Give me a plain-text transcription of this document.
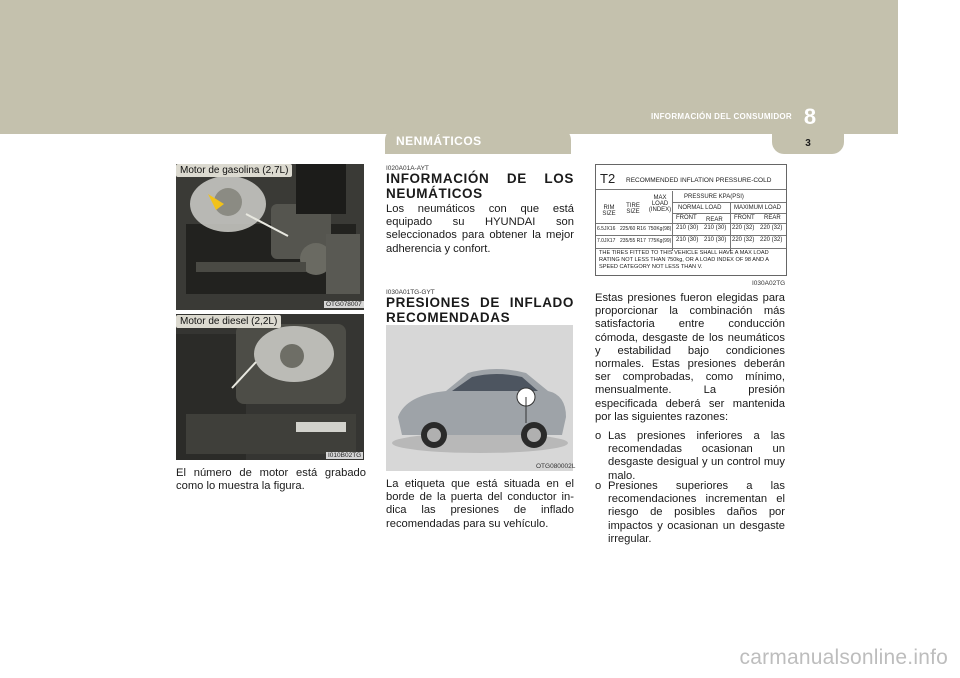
INFORMACIÓN DEL CONSUMIDOR 8
3
NENMÁTICOS
Motor de gasolina (2,7L)
OTG078007
Motor de diesel (2,2L)
I010B02TG
El número de motor está grabado como lo muestra la figura.
I020A01A-AYT
INFORMACIÓN DE LOS NEUMÁTICOS
Los neumáticos con que está equipado su HYUNDAI son seleccionados para obtener la mejor adherencia y confort.
I030A01TG-GYT
PRESIONES DE INFLADO RECOMENDADAS
OTG080002L
La etiqueta que está situada en el borde de la puerta del conductor in-dica las presiones de inflado recomendadas para su vehículo.
T2 RECOMMENDED INFLATION PRESSURE-COLD
RIM SIZE
TIRE SIZE
MAX LOAD (INDEX)
PRESSURE KPA(PSI)
NORMAL LOAD MAXIMUM LOAD
FRONT REAR FRONT REAR
6.5JX16 225/60 R16 750Kg(98) 210 (30) 210 (30) 220 (32) 220 (32)
7.0JX17 235/55 R17 775Kg(99) 210 (30) 210 (30) 220 (32) 220 (32)
THE TIRES FITTED TO THIS VEHICLE SHALL HAVE A MAX LOAD RATING NOT LESS THAN 750kg, OR A LOAD INDEX OF 98 AND A SPEED CATEGORY NOT LESS THAN V.
I030A02TG
Estas presiones fueron elegidas para proporcionar la combinación más satisfactoria entre conducción cómoda, desgaste de los neumáticos y estabilidad bajo condiciones normales. Estas presiones deberán ser comprobadas, como mínimo, mensualmente. La presión especificada deberá ser mantenida por las siguientes razones:
o Las presiones inferiores a las recomendadas ocasionan un desgaste desigual y un control muy malo.
o Presiones superiores a las recomendaciones incrementan el riesgo de posibles daños por impactos y ocasionan un desgaste irregular.
carmanualsonline.info
